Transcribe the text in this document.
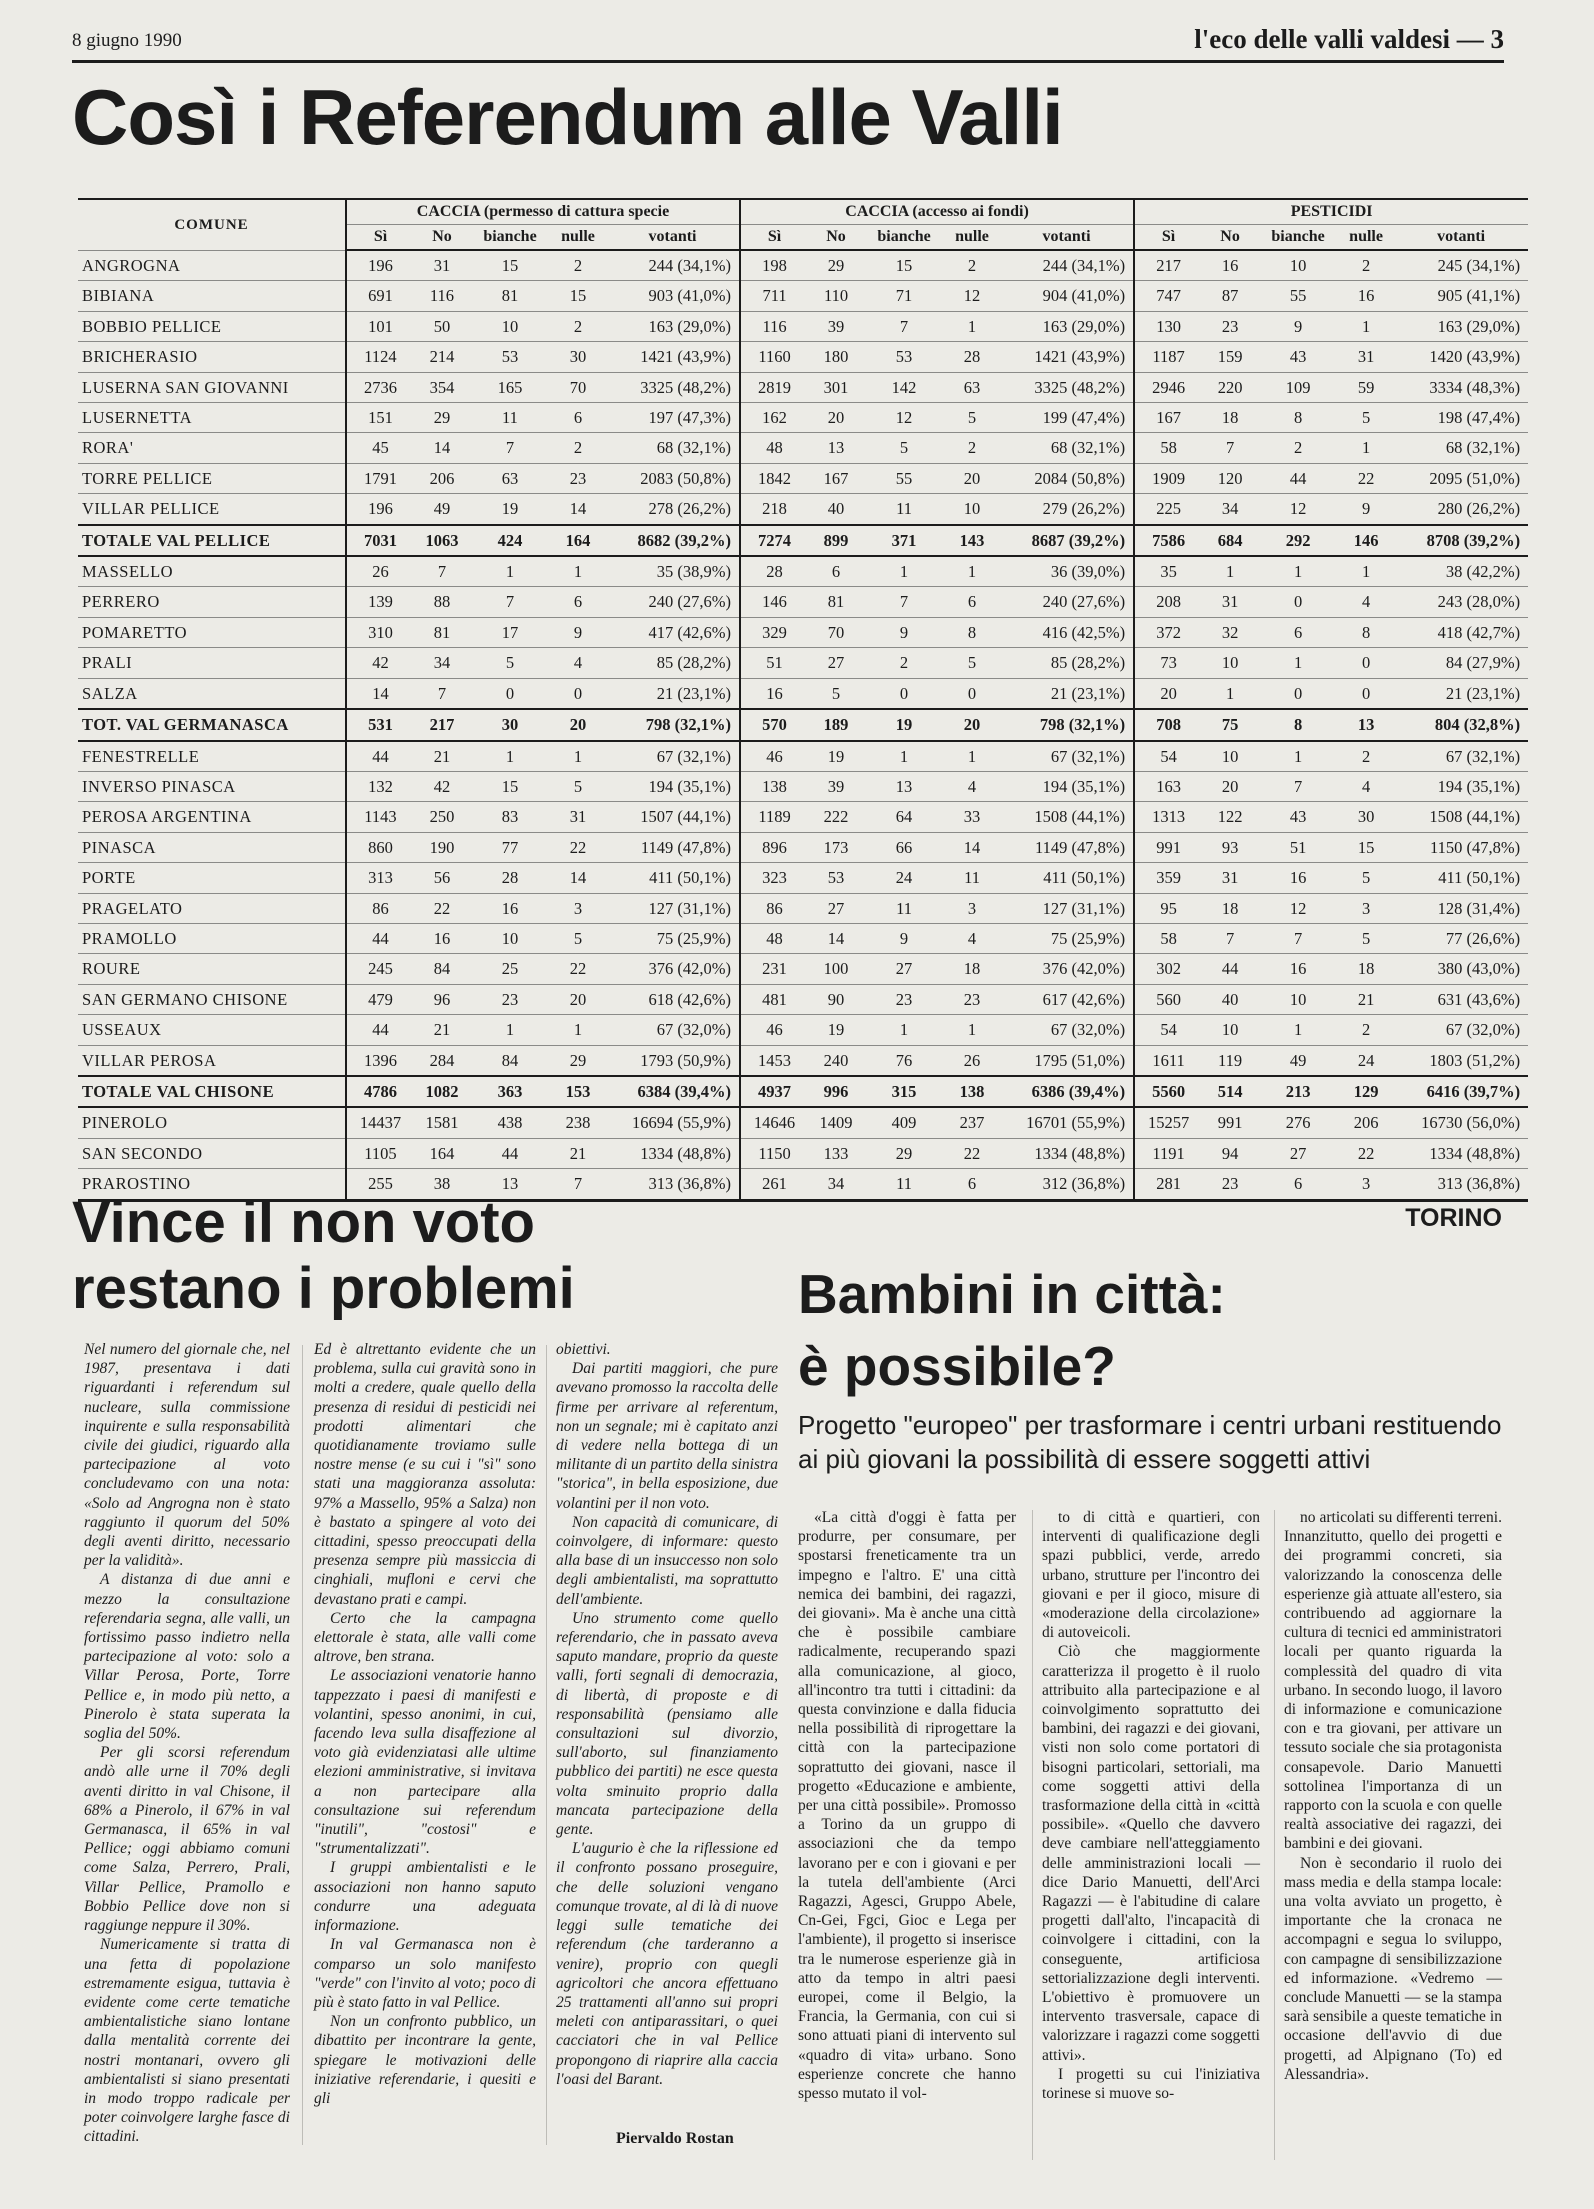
8 giugno 1990	l'eco delle valli valdesi — 3
Così i Referendum alle Valli
COMUNE	CACCIA (permesso di cattura specie					CACCIA (accesso ai fondi)					PESTICIDI				
	Sì	No	bianche	nulle	votanti	Sì	No	bianche	nulle	votanti	Sì	No	bianche	nulle	votanti
ANGROGNA	196	31	15	2	244 (34,1%)	198	29	15	2	244 (34,1%)	217	16	10	2	245 (34,1%)
BIBIANA	691	116	81	15	903 (41,0%)	711	110	71	12	904 (41,0%)	747	87	55	16	905 (41,1%)
BOBBIO PELLICE	101	50	10	2	163 (29,0%)	116	39	7	1	163 (29,0%)	130	23	9	1	163 (29,0%)
BRICHERASIO	1124	214	53	30	1421 (43,9%)	1160	180	53	28	1421 (43,9%)	1187	159	43	31	1420 (43,9%)
LUSERNA SAN GIOVANNI	2736	354	165	70	3325 (48,2%)	2819	301	142	63	3325 (48,2%)	2946	220	109	59	3334 (48,3%)
LUSERNETTA	151	29	11	6	197 (47,3%)	162	20	12	5	199 (47,4%)	167	18	8	5	198 (47,4%)
RORA'	45	14	7	2	68 (32,1%)	48	13	5	2	68 (32,1%)	58	7	2	1	68 (32,1%)
TORRE PELLICE	1791	206	63	23	2083 (50,8%)	1842	167	55	20	2084 (50,8%)	1909	120	44	22	2095 (51,0%)
VILLAR PELLICE	196	49	19	14	278 (26,2%)	218	40	11	10	279 (26,2%)	225	34	12	9	280 (26,2%)
TOTALE VAL PELLICE	7031	1063	424	164	8682 (39,2%)	7274	899	371	143	8687 (39,2%)	7586	684	292	146	8708 (39,2%)
MASSELLO	26	7	1	1	35 (38,9%)	28	6	1	1	36 (39,0%)	35	1	1	1	38 (42,2%)
PERRERO	139	88	7	6	240 (27,6%)	146	81	7	6	240 (27,6%)	208	31	0	4	243 (28,0%)
POMARETTO	310	81	17	9	417 (42,6%)	329	70	9	8	416 (42,5%)	372	32	6	8	418 (42,7%)
PRALI	42	34	5	4	85 (28,2%)	51	27	2	5	85 (28,2%)	73	10	1	0	84 (27,9%)
SALZA	14	7	0	0	21 (23,1%)	16	5	0	0	21 (23,1%)	20	1	0	0	21 (23,1%)
TOT. VAL GERMANASCA	531	217	30	20	798 (32,1%)	570	189	19	20	798 (32,1%)	708	75	8	13	804 (32,8%)
FENESTRELLE	44	21	1	1	67 (32,1%)	46	19	1	1	67 (32,1%)	54	10	1	2	67 (32,1%)
INVERSO PINASCA	132	42	15	5	194 (35,1%)	138	39	13	4	194 (35,1%)	163	20	7	4	194 (35,1%)
PEROSA ARGENTINA	1143	250	83	31	1507 (44,1%)	1189	222	64	33	1508 (44,1%)	1313	122	43	30	1508 (44,1%)
PINASCA	860	190	77	22	1149 (47,8%)	896	173	66	14	1149 (47,8%)	991	93	51	15	1150 (47,8%)
PORTE	313	56	28	14	411 (50,1%)	323	53	24	11	411 (50,1%)	359	31	16	5	411 (50,1%)
PRAGELATO	86	22	16	3	127 (31,1%)	86	27	11	3	127 (31,1%)	95	18	12	3	128 (31,4%)
PRAMOLLO	44	16	10	5	75 (25,9%)	48	14	9	4	75 (25,9%)	58	7	7	5	77 (26,6%)
ROURE	245	84	25	22	376 (42,0%)	231	100	27	18	376 (42,0%)	302	44	16	18	380 (43,0%)
SAN GERMANO CHISONE	479	96	23	20	618 (42,6%)	481	90	23	23	617 (42,6%)	560	40	10	21	631 (43,6%)
USSEAUX	44	21	1	1	67 (32,0%)	46	19	1	1	67 (32,0%)	54	10	1	2	67 (32,0%)
VILLAR PEROSA	1396	284	84	29	1793 (50,9%)	1453	240	76	26	1795 (51,0%)	1611	119	49	24	1803 (51,2%)
TOTALE VAL CHISONE	4786	1082	363	153	6384 (39,4%)	4937	996	315	138	6386 (39,4%)	5560	514	213	129	6416 (39,7%)
PINEROLO	14437	1581	438	238	16694 (55,9%)	14646	1409	409	237	16701 (55,9%)	15257	991	276	206	16730 (56,0%)
SAN SECONDO	1105	164	44	21	1334 (48,8%)	1150	133	29	22	1334 (48,8%)	1191	94	27	22	1334 (48,8%)
PRAROSTINO	255	38	13	7	313 (36,8%)	261	34	11	6	312 (36,8%)	281	23	6	3	313 (36,8%)
Vince il non voto
restano i problemi

Nel numero del giornale che, nel 1987, presentava i dati riguardanti i referendum sul nucleare, sulla commissione inquirente e sulla responsabilità civile dei giudici, riguardo alla partecipazione al voto concludevamo con una nota: «Solo ad Angrogna non è stato raggiunto il quorum del 50% degli aventi diritto, necessario per la validità».

A distanza di due anni e mezzo la consultazione referendaria segna, alle valli, un fortissimo passo indietro nella partecipazione al voto: solo a Villar Perosa, Porte, Torre Pellice e, in modo più netto, a Pinerolo è stata superata la soglia del 50%.

Per gli scorsi referendum andò alle urne il 70% degli aventi diritto in val Chisone, il 68% a Pinerolo, il 67% in val Germanasca, il 65% in val Pellice; oggi abbiamo comuni come Salza, Perrero, Prali, Villar Pellice, Pramollo e Bobbio Pellice dove non si raggiunge neppure il 30%.

Numericamente si tratta di una fetta di popolazione estremamente esigua, tuttavia è evidente come certe tematiche ambientalistiche siano lontane dalla mentalità corrente dei nostri montanari, ovvero gli ambientalisti si siano presentati in modo troppo radicale per poter coinvolgere larghe fasce di cittadini.

Ed è altrettanto evidente che un problema, sulla cui gravità sono in molti a credere, quale quello della presenza di residui di pesticidi nei prodotti alimentari che quotidianamente troviamo sulle nostre mense (e su cui i "sì" sono stati una maggioranza assoluta: 97% a Massello, 95% a Salza) non è bastato a spingere al voto dei cittadini, spesso preoccupati della presenza sempre più massiccia di cinghiali, mufloni e cervi che devastano prati e campi.

Certo che la campagna elettorale è stata, alle valli come altrove, ben strana.

Le associazioni venatorie hanno tappezzato i paesi di manifesti e volantini, spesso anonimi, in cui, facendo leva sulla disaffezione al voto già evidenziatasi alle ultime elezioni amministrative, si invitava a non partecipare alla consultazione sui referendum "inutili", "costosi" e "strumentalizzati".

I gruppi ambientalisti e le associazioni non hanno saputo condurre una adeguata informazione.

In val Germanasca non è comparso un solo manifesto "verde" con l'invito al voto; poco di più è stato fatto in val Pellice.

Non un confronto pubblico, un dibattito per incontrare la gente, spiegare le motivazioni delle iniziative referendarie, i quesiti e gli

obiettivi.

Dai partiti maggiori, che pure avevano promosso la raccolta delle firme per arrivare al referentum, non un segnale; mi è capitato anzi di vedere nella bottega di un militante di un partito della sinistra "storica", in bella esposizione, due volantini per il non voto.

Non capacità di comunicare, di coinvolgere, di informare: questo alla base di un insuccesso non solo degli ambientalisti, ma soprattutto dell'ambiente.

Uno strumento come quello referendario, che in passato aveva saputo mandare, proprio da queste valli, forti segnali di democrazia, di libertà, di proposte e di responsabilità (pensiamo alle consultazioni sul divorzio, sull'aborto, sul finanziamento pubblico dei partiti) ne esce questa volta sminuito proprio dalla mancata partecipazione della gente.

L'augurio è che la riflessione ed il confronto possano proseguire, che delle soluzioni vengano comunque trovate, al di là di nuove leggi sulle tematiche dei referendum (che tarderanno a venire), proprio con quegli agricoltori che ancora effettuano 25 trattamenti all'anno sui propri meleti con antiparassitari, o quei cacciatori che in val Pellice propongono di riaprire alla caccia l'oasi del Barant.

Piervaldo Rostan
TORINO
Bambini in città:
è possibile?

Progetto "europeo" per trasformare i centri urbani restituendo ai più giovani la possibilità di essere soggetti attivi

«La città d'oggi è fatta per produrre, per consumare, per spostarsi freneticamente tra un impegno e l'altro. E' una città nemica dei bambini, dei ragazzi, dei giovani». Ma è anche una città che è possibile cambiare radicalmente, recuperando spazi alla comunicazione, al gioco, all'incontro tra tutti i cittadini: da questa convinzione e dalla fiducia nella possibilità di riprogettare la città con la partecipazione soprattutto dei giovani, nasce il progetto «Educazione e ambiente, per una città possibile». Promosso a Torino da un gruppo di associazioni che da tempo lavorano per e con i giovani e per la tutela dell'ambiente (Arci Ragazzi, Agesci, Gruppo Abele, Cn-Gei, Fgci, Gioc e Lega per l'ambiente), il progetto si inserisce tra le numerose esperienze già in atto da tempo in altri paesi europei, come il Belgio, la Francia, la Germania, con cui si sono attuati piani di intervento sul «quadro di vita» urbano. Sono esperienze concrete che hanno spesso mutato il vol-

to di città e quartieri, con interventi di qualificazione degli spazi pubblici, verde, arredo urbano, strutture per l'incontro dei giovani e per il gioco, misure di «moderazione della circolazione» di autoveicoli.

Ciò che maggiormente caratterizza il progetto è il ruolo attribuito alla partecipazione e al coinvolgimento soprattutto dei bambini, dei ragazzi e dei giovani, visti non solo come portatori di bisogni particolari, settoriali, ma come soggetti attivi della trasformazione della città in «città possibile». «Quello che davvero deve cambiare nell'atteggiamento delle amministrazioni locali — dice Dario Manuetti, dell'Arci Ragazzi — è l'abitudine di calare progetti dall'alto, l'incapacità di coinvolgere i cittadini, con la conseguente, artificiosa settorializzazione degli interventi. L'obiettivo è promuovere un intervento trasversale, capace di valorizzare i ragazzi come soggetti attivi».

I progetti su cui l'iniziativa torinese si muove so-

no articolati su differenti terreni. Innanzitutto, quello dei progetti e dei programmi concreti, sia valorizzando la conoscenza delle esperienze già attuate all'estero, sia contribuendo ad aggiornare la cultura di tecnici ed amministratori locali per quanto riguarda la complessità del quadro di vita urbano. In secondo luogo, il lavoro di informazione e comunicazione con e tra giovani, per attivare un tessuto sociale che sia protagonista consapevole. Dario Manuetti sottolinea l'importanza di un rapporto con la scuola e con quelle realtà associative dei ragazzi, dei bambini e dei giovani.

Non è secondario il ruolo dei mass media e della stampa locale: una volta avviato un progetto, è importante che la cronaca ne accompagni e segua lo sviluppo, con campagne di sensibilizzazione ed informazione. «Vedremo — conclude Manuetti — se la stampa sarà sensibile a queste tematiche in occasione dell'avvio di due progetti, ad Alpignano (To) ed Alessandria».
